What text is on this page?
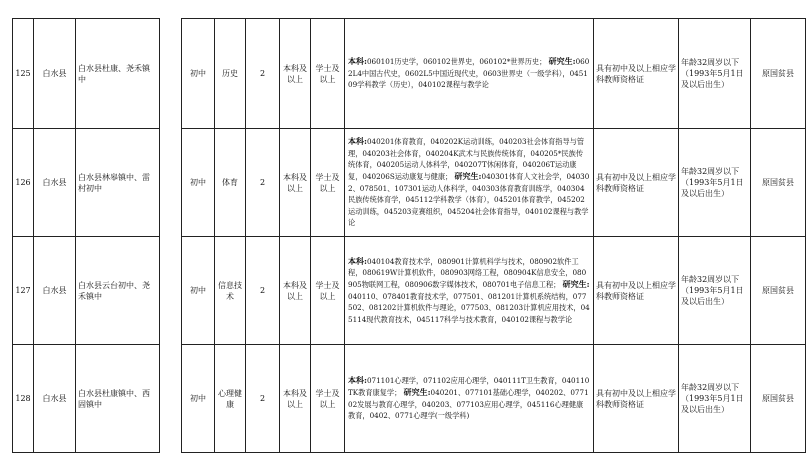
125	白水县	白水县杜康、尧禾镇中		初中	历史	2	本科及以上	学士及以上	本科:060101历史学，060102世界史，060102*世界历史； 研究生:0602L4中国古代史，0602L5中国近现代史，0603世界史（一级学科），045109学科教学（历史），040102课程与教学论	具有初中及以上相应学科教师资格证	年龄32周岁以下（1993年5月1日及以后出生）	原国贫县
126	白水县	白水县林皋镇中、雷村初中		初中	体育	2	本科及以上	学士及以上	本科:040201体育教育，040202K运动训练，040203社会体育指导与管理，040203社会体育，040204K武术与民族传统体育，040205*民族传统体育，040205运动人体科学，040207T休闲体育，040206T运动康复，040206S运动康复与健康； 研究生:040301体育人文社会学，040302、078501、107301运动人体科学，040303体育教育训练学，040304民族传统体育学，045112学科教学（体育），045201体育教学，045202运动训练，045203竞赛组织，045204社会体育指导，040102课程与教学论	具有初中及以上相应学科教师资格证	年龄32周岁以下（1993年5月1日及以后出生）	原国贫县
127	白水县	白水县云台初中、尧禾镇中		初中	信息技术	2	本科及以上	学士及以上	本科:040104教育技术学，080901计算机科学与技术，080902软件工程，080619W计算机软件，080903网络工程，080904K信息安全，080905物联网工程，080906数字媒体技术，080701电子信息工程； 研究生:040110、078401教育技术学，077501、081201计算机系统结构，077502、081202计算机软件与理论，077503、081203计算机应用技术，045114现代教育技术，045117科学与技术教育，040102课程与教学论	具有初中及以上相应学科教师资格证	年龄32周岁以下（1993年5月1日及以后出生）	原国贫县
128	白水县	白水县杜康镇中、西固镇中		初中	心理健康	2	本科及以上	学士及以上	本科:071101心理学，071102应用心理学，040111T卫生教育，040110TK教育康复学； 研究生:040201、077101基础心理学，040202、077102发展与教育心理学，040203、077103应用心理学，045116心理健康教育，0402、0771心理学(一级学科)	具有初中及以上相应学科教师资格证	年龄32周岁以下（1993年5月1日及以后出生）	原国贫县
